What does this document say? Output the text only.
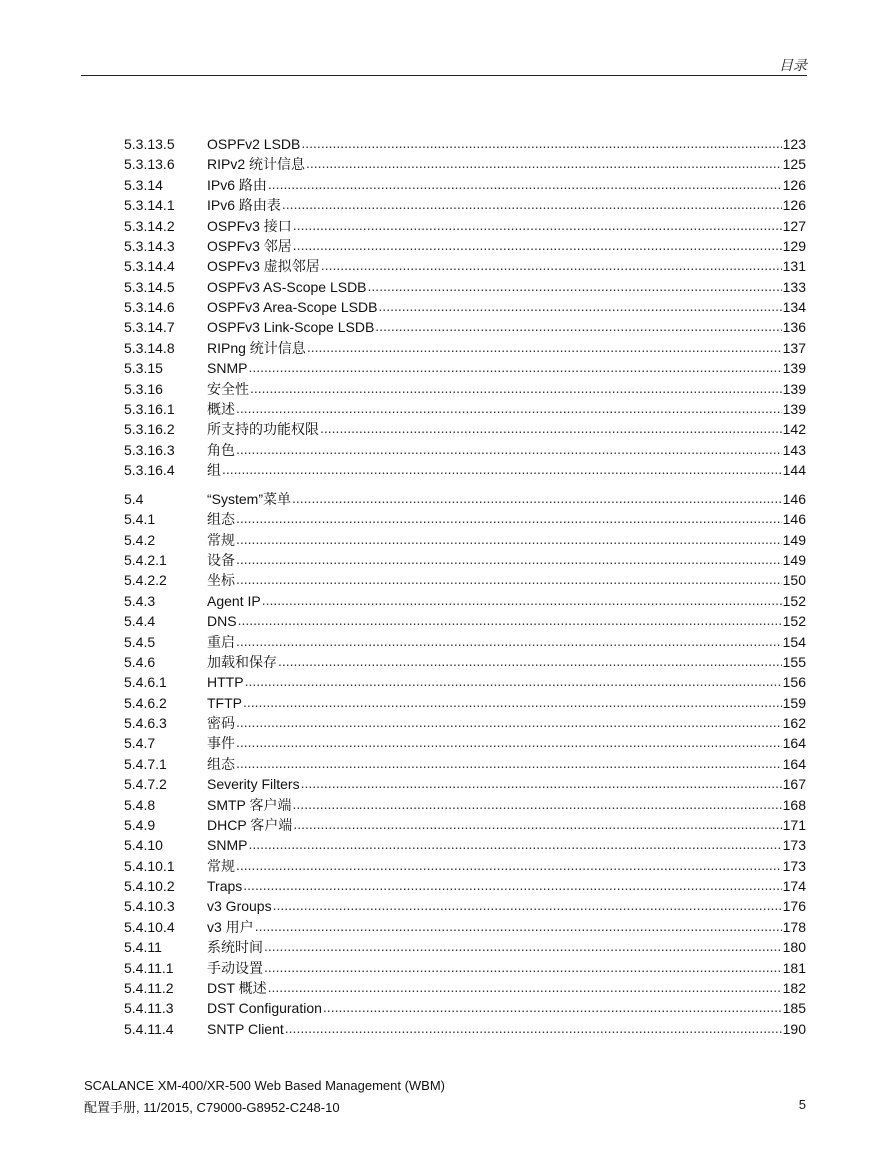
目录
5.3.13.5	OSPFv2 LSDB .....	123
5.3.13.6	RIPv2 统计信息 .....	125
5.3.14	IPv6 路由 .....	126
5.3.14.1	IPv6 路由表 .....	126
5.3.14.2	OSPFv3 接口 .....	127
5.3.14.3	OSPFv3 邻居 .....	129
5.3.14.4	OSPFv3 虚拟邻居 .....	131
5.3.14.5	OSPFv3 AS-Scope LSDB .....	133
5.3.14.6	OSPFv3 Area-Scope LSDB .....	134
5.3.14.7	OSPFv3 Link-Scope LSDB .....	136
5.3.14.8	RIPng 统计信息 .....	137
5.3.15	SNMP .....	139
5.3.16	安全性 .....	139
5.3.16.1	概述 .....	139
5.3.16.2	所支持的功能权限 .....	142
5.3.16.3	角色 .....	143
5.3.16.4	组 .....	144
5.4	“System”菜单 .....	146
5.4.1	组态 .....	146
5.4.2	常规 .....	149
5.4.2.1	设备 .....	149
5.4.2.2	坐标 .....	150
5.4.3	Agent IP .....	152
5.4.4	DNS .....	152
5.4.5	重启 .....	154
5.4.6	加载和保存 .....	155
5.4.6.1	HTTP .....	156
5.4.6.2	TFTP .....	159
5.4.6.3	密码 .....	162
5.4.7	事件 .....	164
5.4.7.1	组态 .....	164
5.4.7.2	Severity Filters .....	167
5.4.8	SMTP 客户端 .....	168
5.4.9	DHCP 客户端 .....	171
5.4.10	SNMP .....	173
5.4.10.1	常规 .....	173
5.4.10.2	Traps .....	174
5.4.10.3	v3 Groups .....	176
5.4.10.4	v3 用户 .....	178
5.4.11	系统时间 .....	180
5.4.11.1	手动设置 .....	181
5.4.11.2	DST 概述 .....	182
5.4.11.3	DST Configuration .....	185
5.4.11.4	SNTP Client .....	190
SCALANCE XM-400/XR-500 Web Based Management (WBM)
配置手册, 11/2015, C79000-G8952-C248-10	5
